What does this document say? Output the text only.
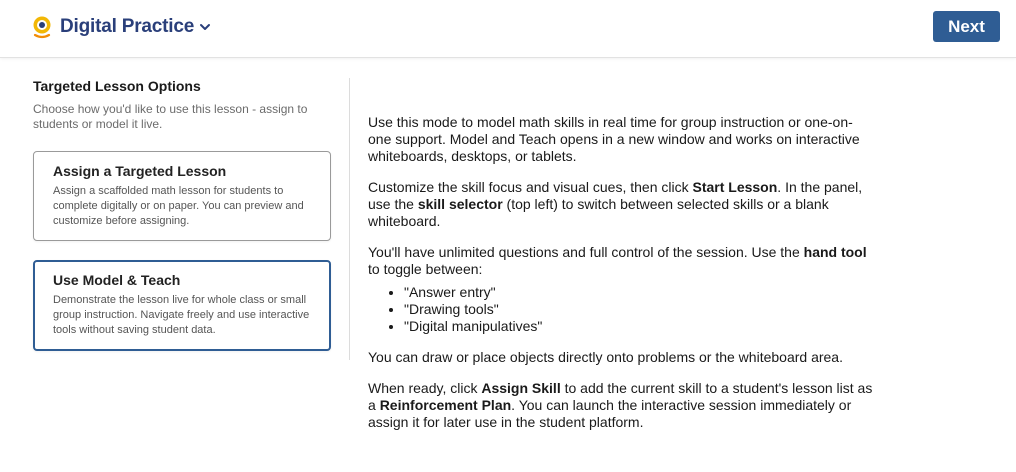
Digital Practice	Next
Targeted Lesson Options
Choose how you'd like to use this lesson - assign to students or model it live.
Assign a Targeted Lesson
Assign a scaffolded math lesson for students to complete digitally or on paper. You can preview and customize before assigning.
Use Model & Teach
Demonstrate the lesson live for whole class or small group instruction. Navigate freely and use interactive tools without saving student data.

Use this mode to model math skills in real time for group instruction or one-on-one support. Model and Teach opens in a new window and works on interactive whiteboards, desktops, or tablets.

Customize the skill focus and visual cues, then click Start Lesson. In the panel, use the skill selector (top left) to switch between selected skills or a blank whiteboard.

You'll have unlimited questions and full control of the session. Use the hand tool to toggle between:

• "Answer entry"
• "Drawing tools"
• "Digital manipulatives"

You can draw or place objects directly onto problems or the whiteboard area.

When ready, click Assign Skill to add the current skill to a student's lesson list as a Reinforcement Plan. You can launch the interactive session immediately or assign it for later use in the student platform.
